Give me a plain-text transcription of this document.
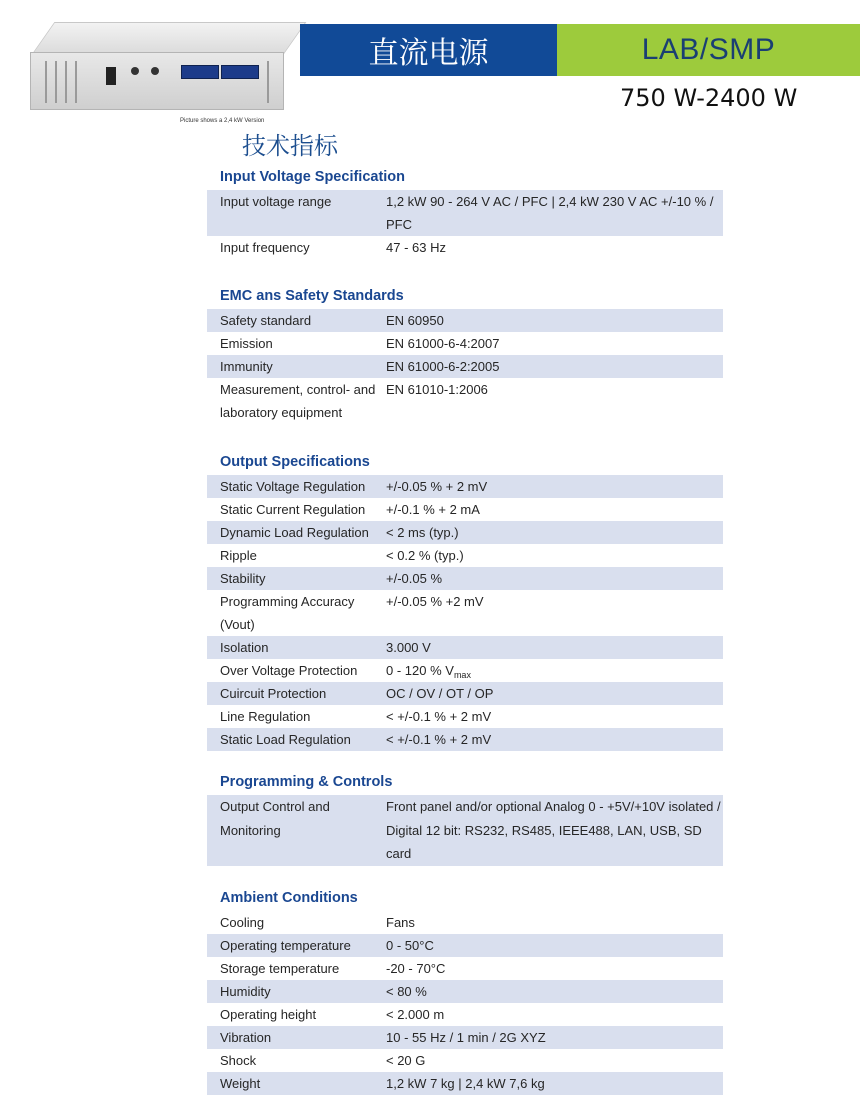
Picture shows a 2,4 kW Version
直流电源	LAB/SMP
750 W-2400 W
技术指标
Input Voltage Specification
Input voltage range	1,2 kW 90 - 264 V AC / PFC | 2,4 kW 230 V AC +/-10 % / PFC
Input frequency	47 - 63 Hz
EMC ans Safety Standards
Safety standard	EN 60950
Emission	EN 61000-6-4:2007
Immunity	EN 61000-6-2:2005
Measurement, control- and
laboratory equipment	EN 61010-1:2006
Output Specifications
Static Voltage Regulation	+/-0.05 % + 2 mV
Static Current Regulation	+/-0.1 % + 2 mA
Dynamic Load Regulation	< 2 ms (typ.)
Ripple	< 0.2 % (typ.)
Stability	+/-0.05 %
Programming Accuracy (Vout)	+/-0.05 % +2 mV
Isolation	3.000 V
Over Voltage Protection	0 - 120 % $V_{max}$
Cuircuit Protection	OC / OV / OT / OP
Line Regulation	< +/-0.1 % + 2 mV
Static Load Regulation	< +/-0.1 % + 2 mV
Programming & Controls
Output Control and
Monitoring	Front panel and/or optional Analog 0 - +5V/+10V isolated /
Digital 12 bit: RS232, RS485, IEEE488, LAN, USB, SD card
Ambient Conditions
Cooling	Fans
Operating temperature	0 - 50°C
Storage temperature	-20 - 70°C
Humidity	< 80 %
Operating height	< 2.000 m
Vibration	10 - 55 Hz / 1 min / 2G XYZ
Shock	< 20 G
Weight	1,2 kW 7 kg | 2,4 kW 7,6 kg
